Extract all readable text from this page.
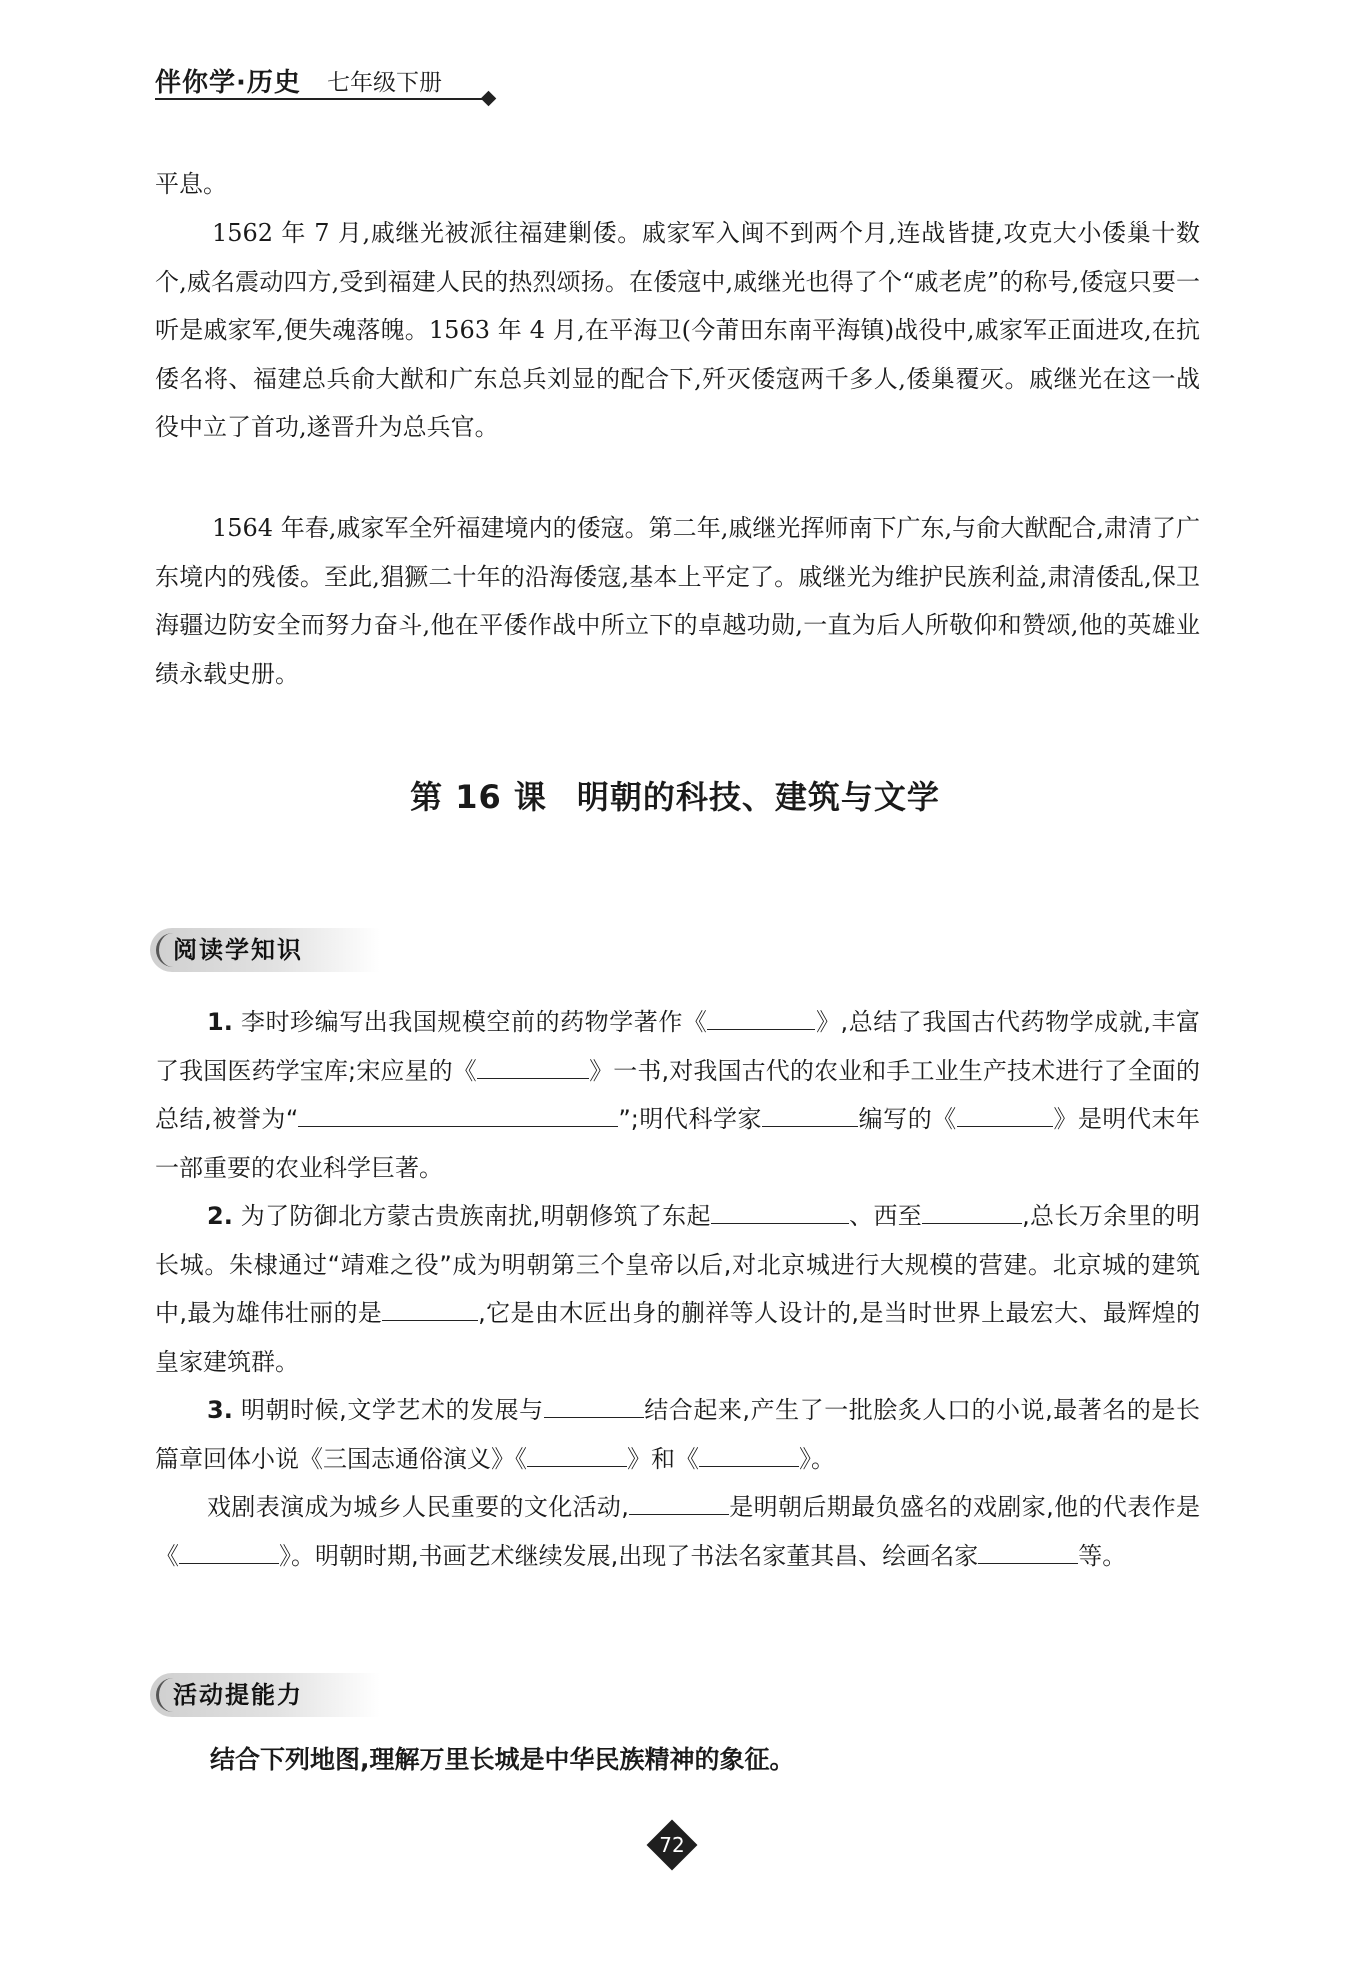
伴你学·历史 七年级下册

平息。

1562 年 7 月,戚继光被派往福建剿倭。戚家军入闽不到两个月,连战皆捷,攻克大小倭巢十数个,威名震动四方,受到福建人民的热烈颂扬。在倭寇中,戚继光也得了个“戚老虎”的称号,倭寇只要一听是戚家军,便失魂落魄。1563 年 4 月,在平海卫(今莆田东南平海镇)战役中,戚家军正面进攻,在抗倭名将、福建总兵俞大猷和广东总兵刘显的配合下,歼灭倭寇两千多人,倭巢覆灭。戚继光在这一战役中立了首功,遂晋升为总兵官。

1564 年春,戚家军全歼福建境内的倭寇。第二年,戚继光挥师南下广东,与俞大猷配合,肃清了广东境内的残倭。至此,猖獗二十年的沿海倭寇,基本上平定了。戚继光为维护民族利益,肃清倭乱,保卫海疆边防安全而努力奋斗,他在平倭作战中所立下的卓越功勋,一直为后人所敬仰和赞颂,他的英雄业绩永载史册。

第 16 课 明朝的科技、建筑与文学
阅读学知识

1. 李时珍编写出我国规模空前的药物学著作《	》,总结了我国古代药物学成就,丰富了我国医药学宝库;宋应星的《	》一书,对我国古代的农业和手工业生产技术进行了全面的总结,被誉为“	”;明代科学家	编写的《	》是明代末年一部重要的农业科学巨著。

2. 为了防御北方蒙古贵族南扰,明朝修筑了东起	、西至	,总长万余里的明长城。朱棣通过“靖难之役”成为明朝第三个皇帝以后,对北京城进行大规模的营建。北京城的建筑中,最为雄伟壮丽的是	,它是由木匠出身的蒯祥等人设计的,是当时世界上最宏大、最辉煌的皇家建筑群。

3. 明朝时候,文学艺术的发展与	结合起来,产生了一批脍炙人口的小说,最著名的是长篇章回体小说《三国志通俗演义》《	》和《	》。

戏剧表演成为城乡人民重要的文化活动,	是明朝后期最负盛名的戏剧家,他的代表作是《	》。明朝时期,书画艺术继续发展,出现了书法名家董其昌、绘画名家	等。

活动提能力

结合下列地图,理解万里长城是中华民族精神的象征。

72
